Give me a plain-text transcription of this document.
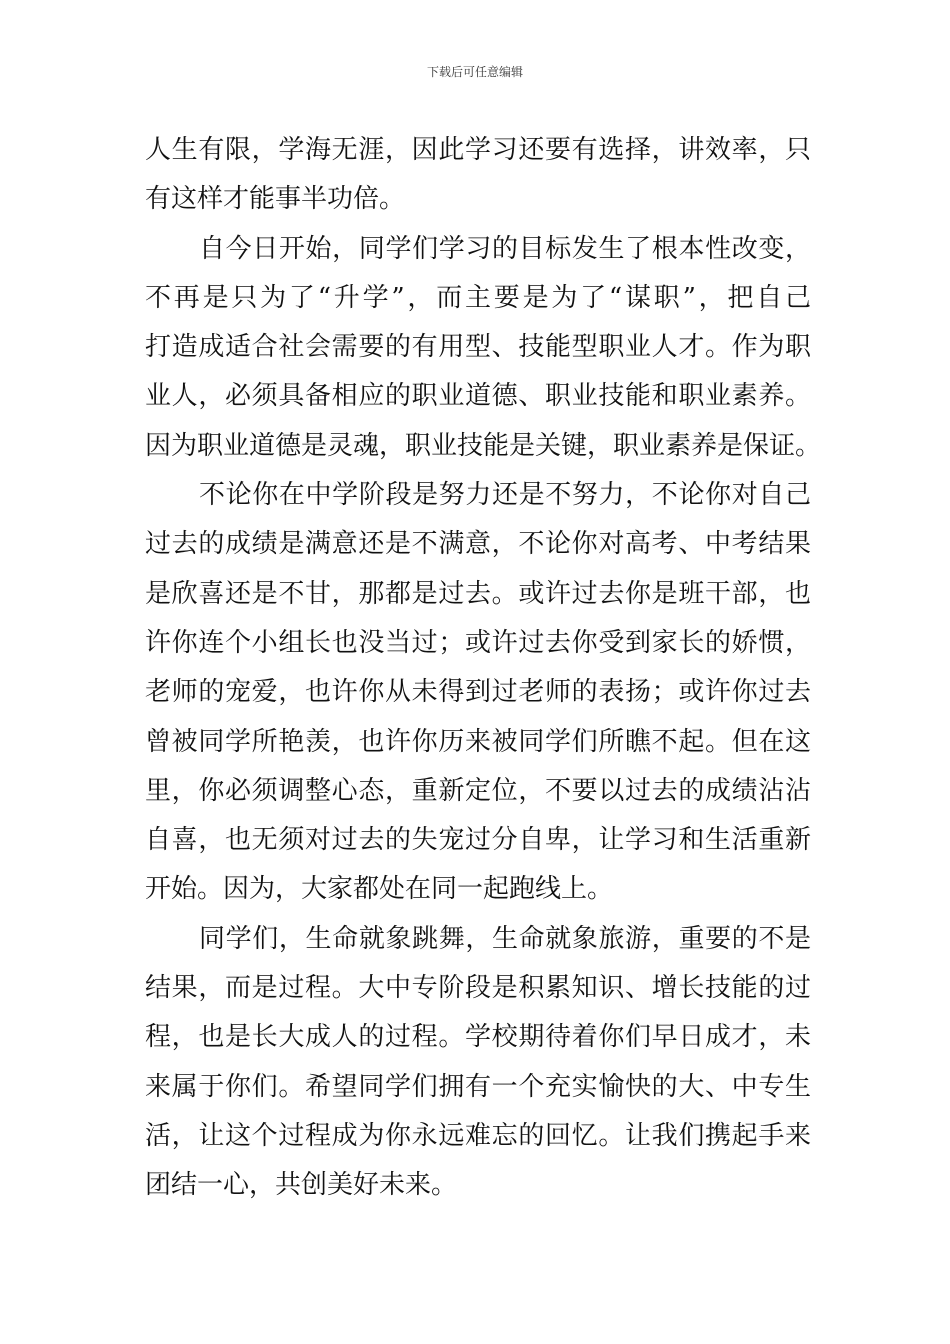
下载后可任意编辑

人生有限，学海无涯，因此学习还要有选择，讲效率，只
有这样才能事半功倍。

自今日开始，同学们学习的目标发生了根本性改变，
不再是只为了“升学”，而主要是为了“谋职”，把自己
打造成适合社会需要的有用型、技能型职业人才。作为职
业人，必须具备相应的职业道德、职业技能和职业素养。
因为职业道德是灵魂，职业技能是关键，职业素养是保证。

不论你在中学阶段是努力还是不努力，不论你对自己
过去的成绩是满意还是不满意，不论你对高考、中考结果
是欣喜还是不甘，那都是过去。或许过去你是班干部，也
许你连个小组长也没当过；或许过去你受到家长的娇惯，
老师的宠爱，也许你从未得到过老师的表扬；或许你过去
曾被同学所艳羡，也许你历来被同学们所瞧不起。但在这
里，你必须调整心态，重新定位，不要以过去的成绩沾沾
自喜，也无须对过去的失宠过分自卑，让学习和生活重新
开始。因为，大家都处在同一起跑线上。

同学们，生命就象跳舞，生命就象旅游，重要的不是
结果，而是过程。大中专阶段是积累知识、增长技能的过
程，也是长大成人的过程。学校期待着你们早日成才，未
来属于你们。希望同学们拥有一个充实愉快的大、中专生
活，让这个过程成为你永远难忘的回忆。让我们携起手来
团结一心，共创美好未来。
